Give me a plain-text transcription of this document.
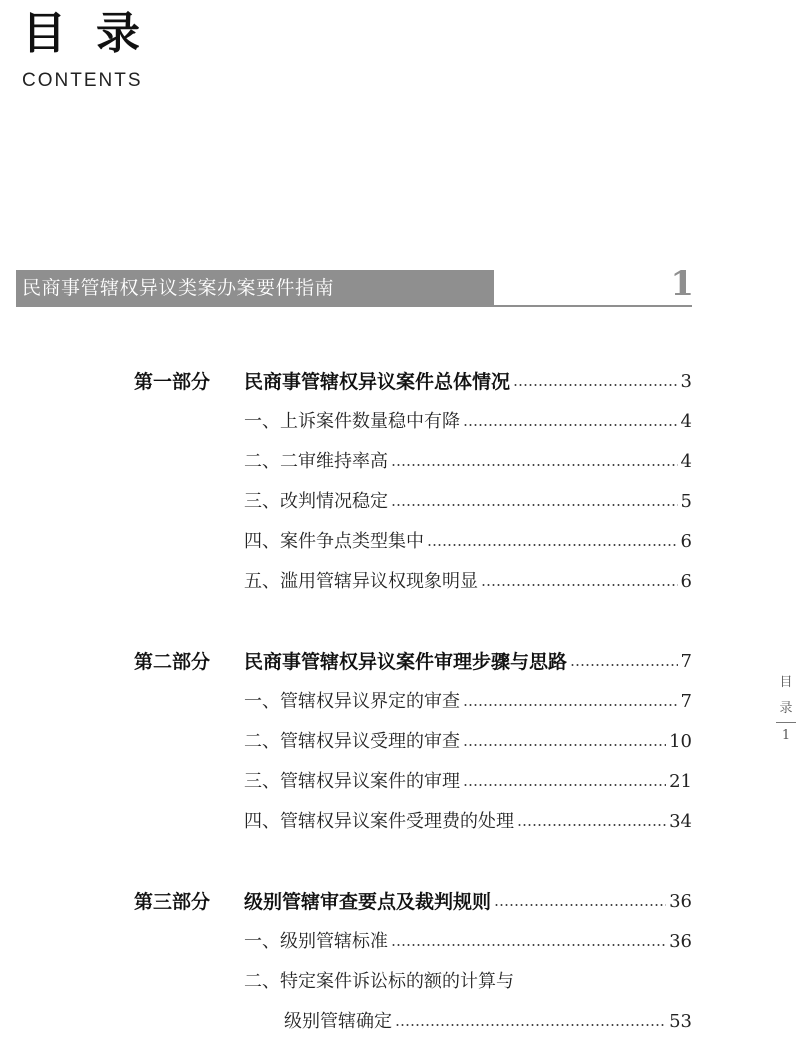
目录
CONTENTS
民商事管辖权异议类案办案要件指南	1
第一部分	民商事管辖权异议案件总体情况	3
一、上诉案件数量稳中有降	4
二、二审维持率高	4
三、改判情况稳定	5
四、案件争点类型集中	6
五、滥用管辖异议权现象明显	6
第二部分	民商事管辖权异议案件审理步骤与思路	7
一、管辖权异议界定的审查	7
二、管辖权异议受理的审查	10
三、管辖权异议案件的审理	21
四、管辖权异议案件受理费的处理	34
第三部分	级别管辖审查要点及裁判规则	36
一、级别管辖标准	36
二、特定案件诉讼标的额的计算与
级别管辖确定	53
目
录
1
